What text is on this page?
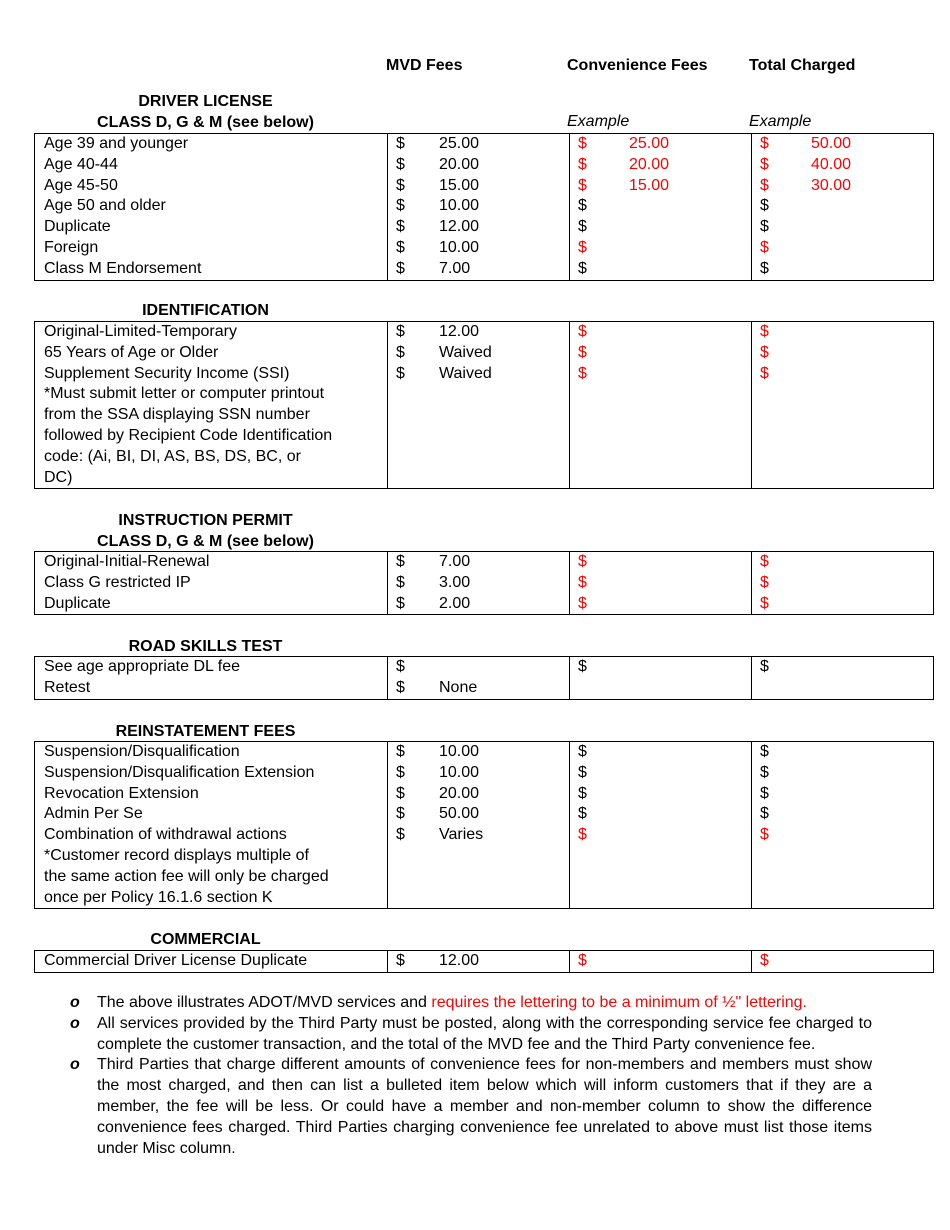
MVD Fees	Convenience Fees	Total Charged
DRIVER LICENSE
CLASS D, G & M (see below)	Example	Example
Age 39 and younger	$ 25.00	$ 25.00	$ 50.00
Age 40-44	$ 20.00	$ 20.00	$ 40.00
Age 45-50	$ 15.00	$ 15.00	$ 30.00
Age 50 and older	$ 10.00	$	$
Duplicate	$ 12.00	$	$
Foreign	$ 10.00	$	$
Class M Endorsement	$ 7.00	$	$
IDENTIFICATION
Original-Limited-Temporary	$ 12.00	$	$
65 Years of Age or Older	$ Waived	$	$
Supplement Security Income (SSI)	$ Waived	$	$
*Must submit letter or computer printout			
from the SSA displaying SSN number			
followed by Recipient Code Identification			
code: (Ai, BI, DI, AS, BS, DS, BC, or			
DC)			
INSTRUCTION PERMIT
CLASS D, G & M (see below)
Original-Initial-Renewal	$ 7.00	$	$
Class G restricted IP	$ 3.00	$	$
Duplicate	$ 2.00	$	$
ROAD SKILLS TEST
See age appropriate DL fee	$	$	$
Retest	$ None		
REINSTATEMENT FEES
Suspension/Disqualification	$ 10.00	$	$
Suspension/Disqualification Extension	$ 10.00	$	$
Revocation Extension	$ 20.00	$	$
Admin Per Se	$ 50.00	$	$
Combination of withdrawal actions	$ Varies	$	$
*Customer record displays multiple of			
the same action fee will only be charged			
once per Policy 16.1.6 section K			
COMMERCIAL
Commercial Driver License Duplicate	$ 12.00	$	$
o The above illustrates ADOT/MVD services and requires the lettering to be a minimum of ½" lettering.
o All services provided by the Third Party must be posted, along with the corresponding service fee charged to complete the customer transaction, and the total of the MVD fee and the Third Party convenience fee.
o Third Parties that charge different amounts of convenience fees for non-members and members must show the most charged, and then can list a bulleted item below which will inform customers that if they are a member, the fee will be less. Or could have a member and non-member column to show the difference convenience fees charged. Third Parties charging convenience fee unrelated to above must list those items under Misc column.
